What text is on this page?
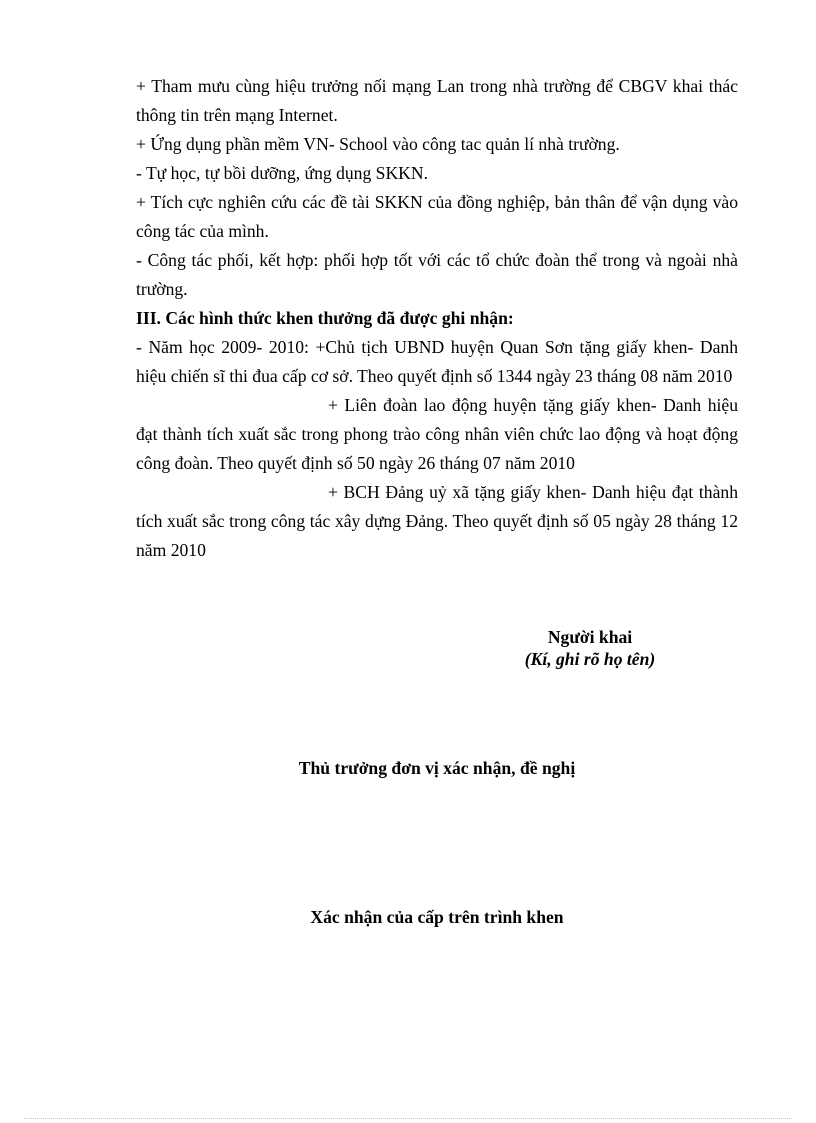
+ Tham mưu cùng hiệu trưởng nối mạng Lan trong nhà trường để CBGV khai thác thông tin trên mạng Internet.

+ Ứng dụng phần mềm VN- School vào công tac quản lí nhà trường.

- Tự học, tự bồi dưỡng, ứng dụng SKKN.

+ Tích cực nghiên cứu các đề tài SKKN của đồng nghiệp, bản thân để vận dụng vào công tác của mình.

- Công tác phối, kết hợp: phối hợp tốt với các tổ chức đoàn thể trong và ngoài nhà trường.

III. Các hình thức khen thưởng đã được ghi nhận:

- Năm học 2009- 2010: +Chủ tịch UBND huyện Quan Sơn tặng giấy khen- Danh hiệu chiến sĩ thi đua cấp cơ sở. Theo quyết định số 1344 ngày 23 tháng 08 năm 2010

+ Liên đoàn lao động huyện tặng giấy khen- Danh hiệu đạt thành tích xuất sắc trong phong trào công nhân viên chức lao động và hoạt động công đoàn. Theo quyết định số 50 ngày 26 tháng 07 năm 2010

+ BCH Đảng uỷ xã tặng giấy khen- Danh hiệu đạt thành tích xuất sắc trong công tác xây dựng Đảng. Theo quyết định số 05 ngày 28 tháng 12 năm 2010

Người khai
(Kí, ghi rõ họ tên)
Thủ trưởng đơn vị xác nhận, đề nghị
Xác nhận của cấp trên trình khen
